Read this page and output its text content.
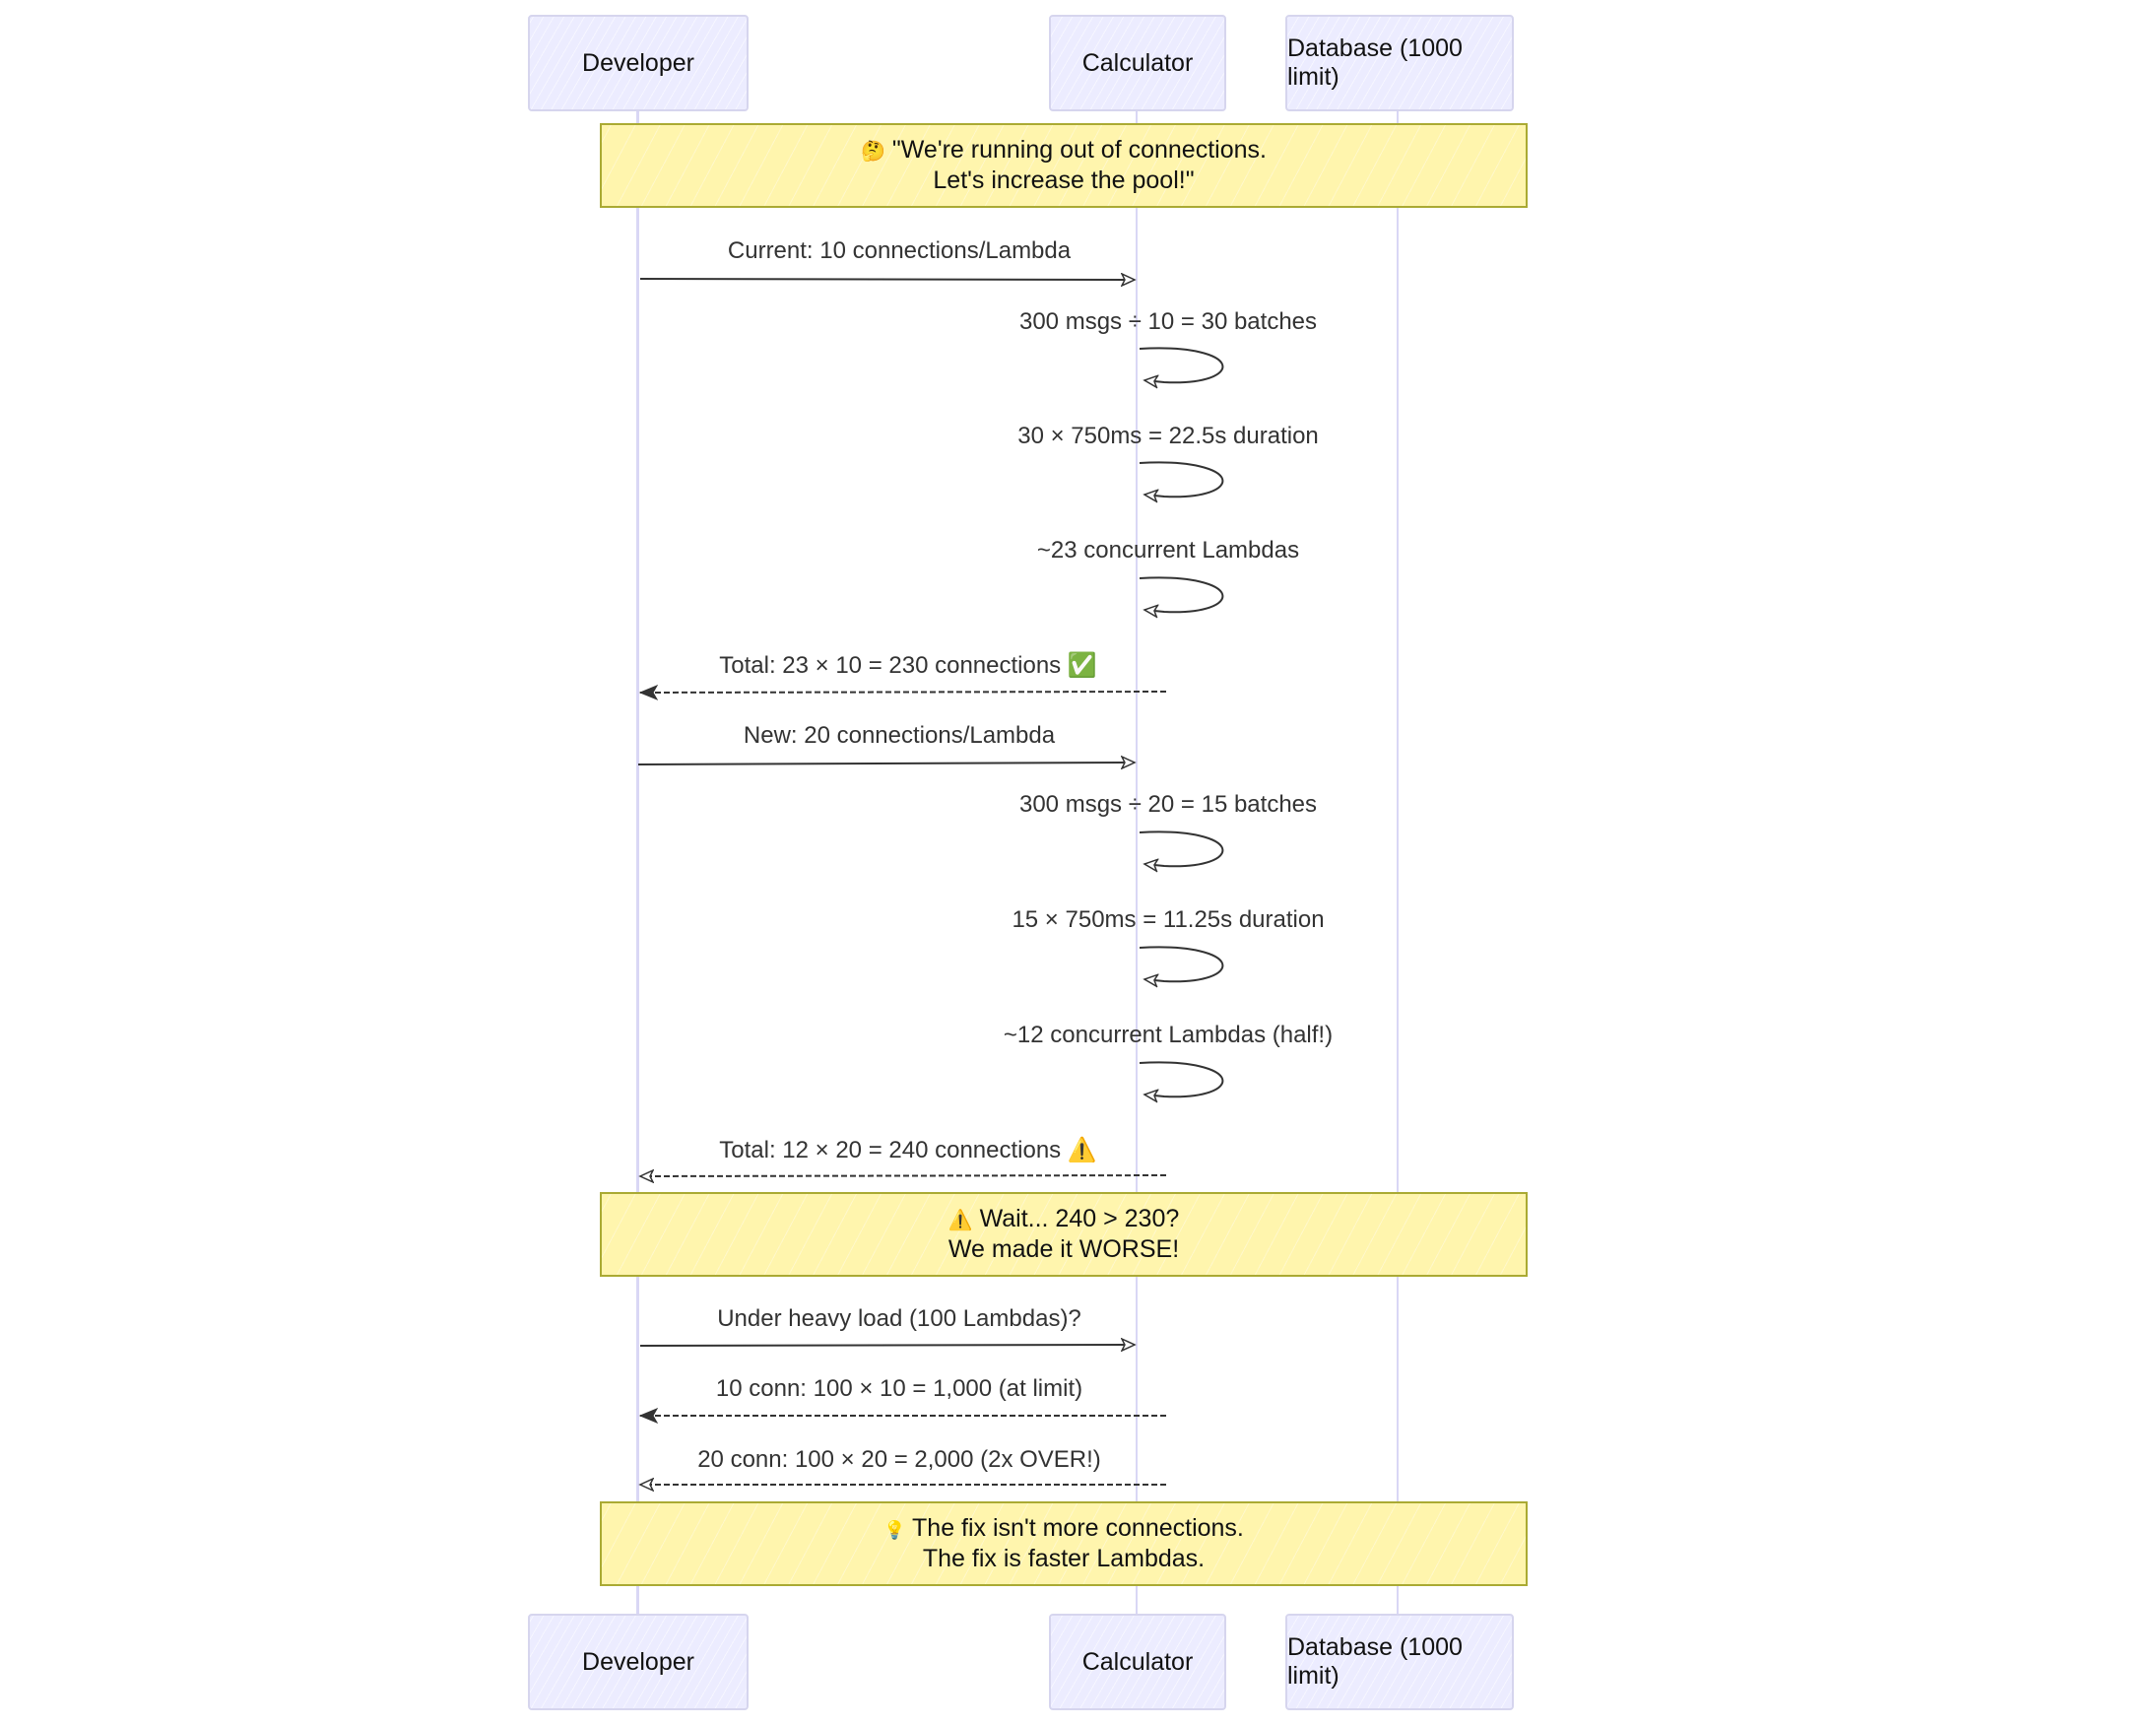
Developer	Calculator
Database (1000 limit)
🤔 "We're running out of connections.
Let's increase the pool!"
⚠️ Wait... 240 > 230?
We made it WORSE!
💡 The fix isn't more connections.
The fix is faster Lambdas.
Current: 10 connections/Lambda
300 msgs ÷ 10 = 30 batches
30 × 750ms = 22.5s duration
~23 concurrent Lambdas
Total: 23 × 10 = 230 connections ✅
New: 20 connections/Lambda
300 msgs ÷ 20 = 15 batches
15 × 750ms = 11.25s duration
~12 concurrent Lambdas (half!)
Total: 12 × 20 = 240 connections ⚠️
Under heavy load (100 Lambdas)?
10 conn: 100 × 10 = 1,000 (at limit)
20 conn: 100 × 20 = 2,000 (2x OVER!)
Developer	Calculator
Database (1000 limit)
